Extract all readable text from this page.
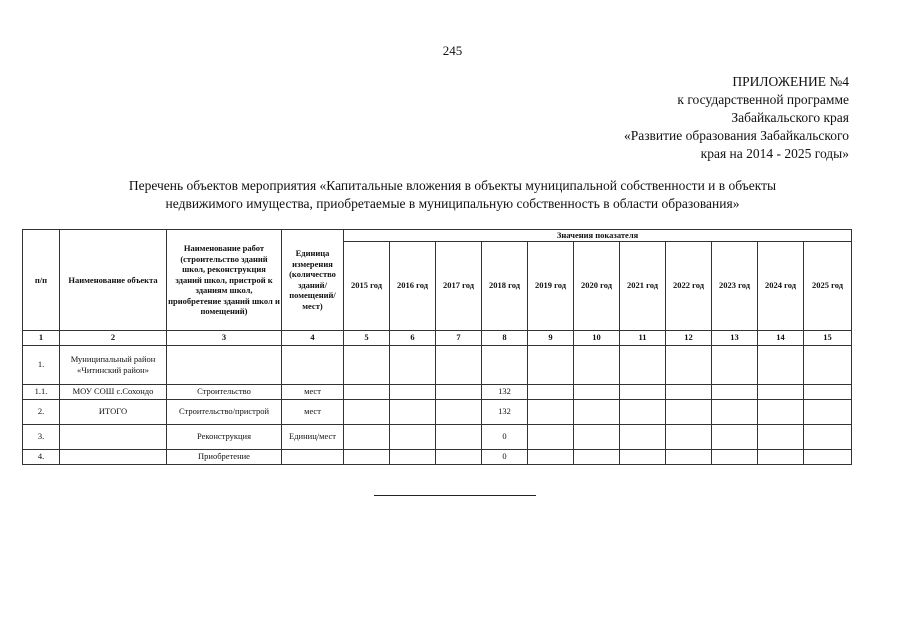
245
ПРИЛОЖЕНИЕ №4
к государственной программе
Забайкальского края
«Развитие образования Забайкальского
края на 2014 - 2025 годы»
Перечень объектов мероприятия «Капитальные вложения в объекты муниципальной собственности и в объекты
недвижимого имущества, приобретаемые в муниципальную собственность в области образования»
п/п	Наименование объекта	Наименование работ (строительство зданий школ, реконструкция зданий школ, пристрой к зданиям школ, приобретение зданий школ и помещений)	Единица измерения (количество зданий/помещений/мест)	Значения показателя										
				2015 год	2016 год	2017 год	2018 год	2019 год	2020 год	2021 год	2022 год	2023 год	2024 год	2025 год
1	2	3	4	5	6	7	8	9	10	11	12	13	14	15
1.	Муниципальный район «Читинский район»													
1.1.	МОУ СОШ с.Сохондо	Строительство	мест				132							
2.	ИТОГО	Строительство/пристрой	мест				132							
3.		Реконструкция	Единиц/мест				0							
4.		Приобретение					0							
